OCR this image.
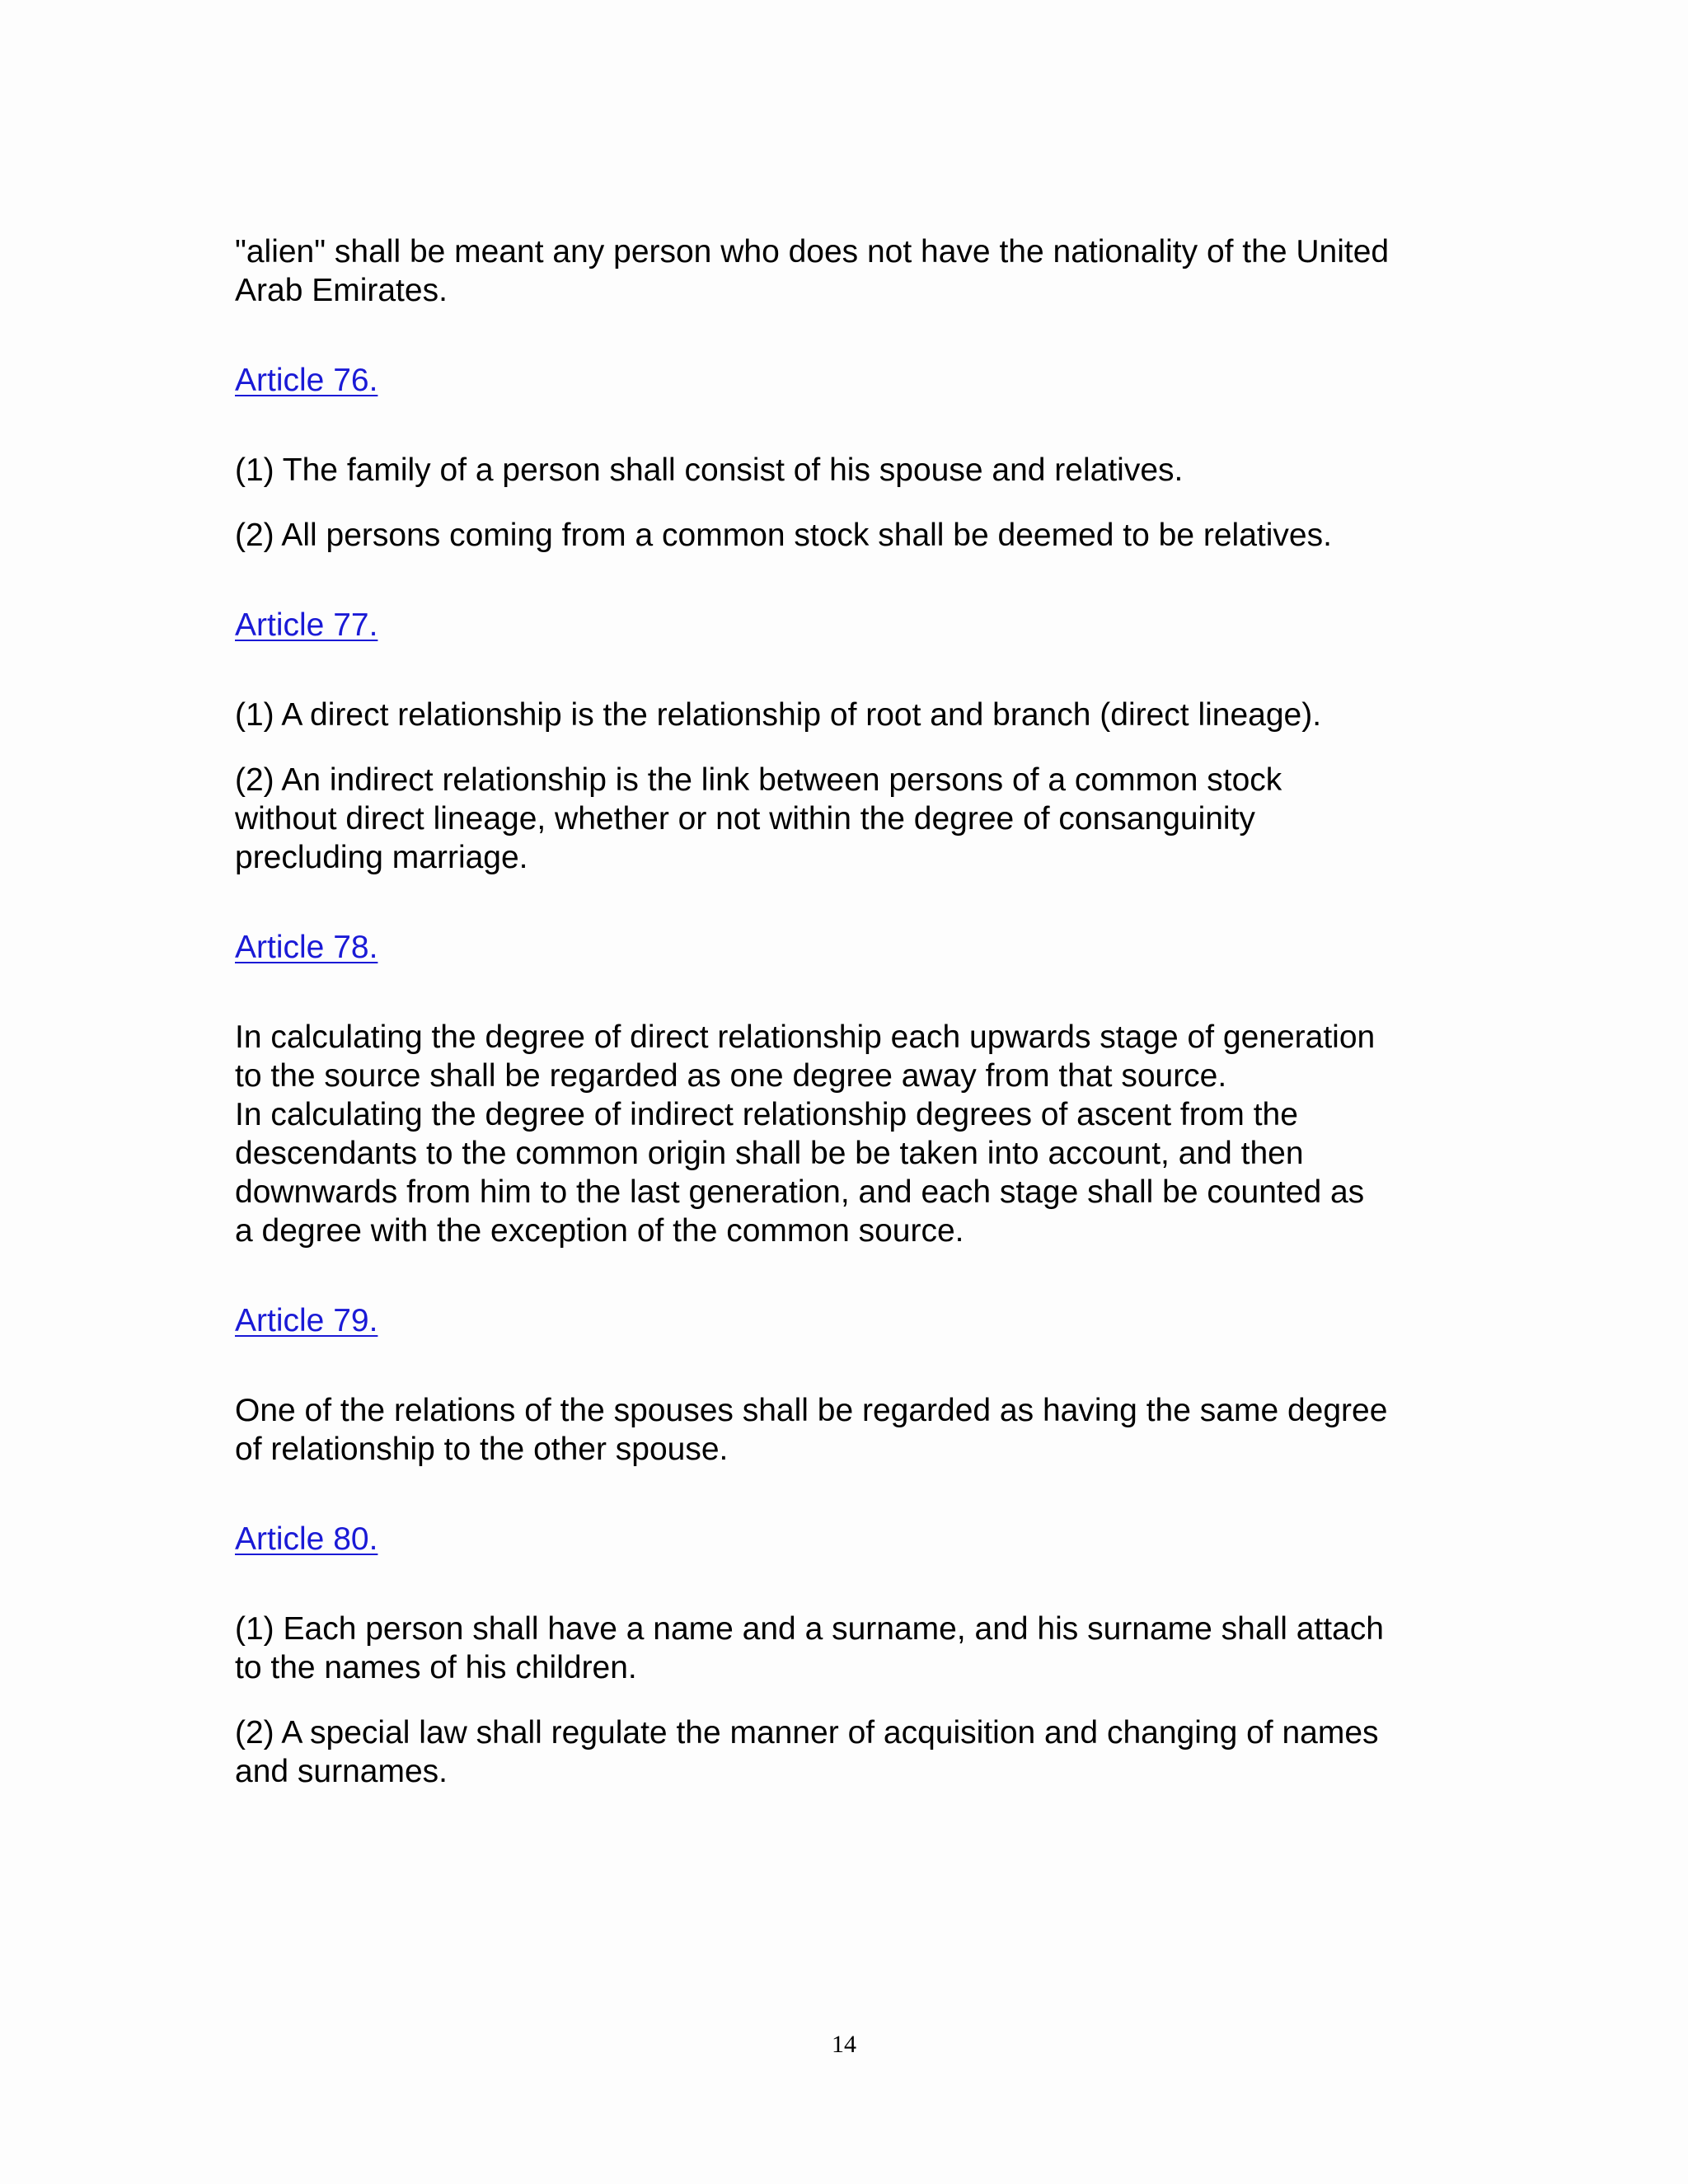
"alien" shall be meant any person who does not have the nationality of the United

Arab Emirates.

Article 76.

(1) The family of a person shall consist of his spouse and relatives.

(2) All persons coming from a common stock shall be deemed to be relatives.

Article 77.

(1) A direct relationship is the relationship of root and branch (direct lineage).

(2) An indirect relationship is the link between persons of a common stock

without direct lineage, whether or not within the degree of consanguinity

precluding marriage.

Article 78.

In calculating the degree of direct relationship each upwards stage of generation

to the source shall be regarded as one degree away from that source.

In calculating the degree of indirect relationship degrees of ascent from the

descendants to the common origin shall be be taken into account, and then

downwards from him to the last generation, and each stage shall be counted as

a degree with the exception of the common source.

Article 79.

One of the relations of the spouses shall be regarded as having the same degree

of relationship to the other spouse.

Article 80.

(1) Each person shall have a name and a surname, and his surname shall attach

to the names of his children.

(2) A special law shall regulate the manner of acquisition and changing of names

and surnames.

14
